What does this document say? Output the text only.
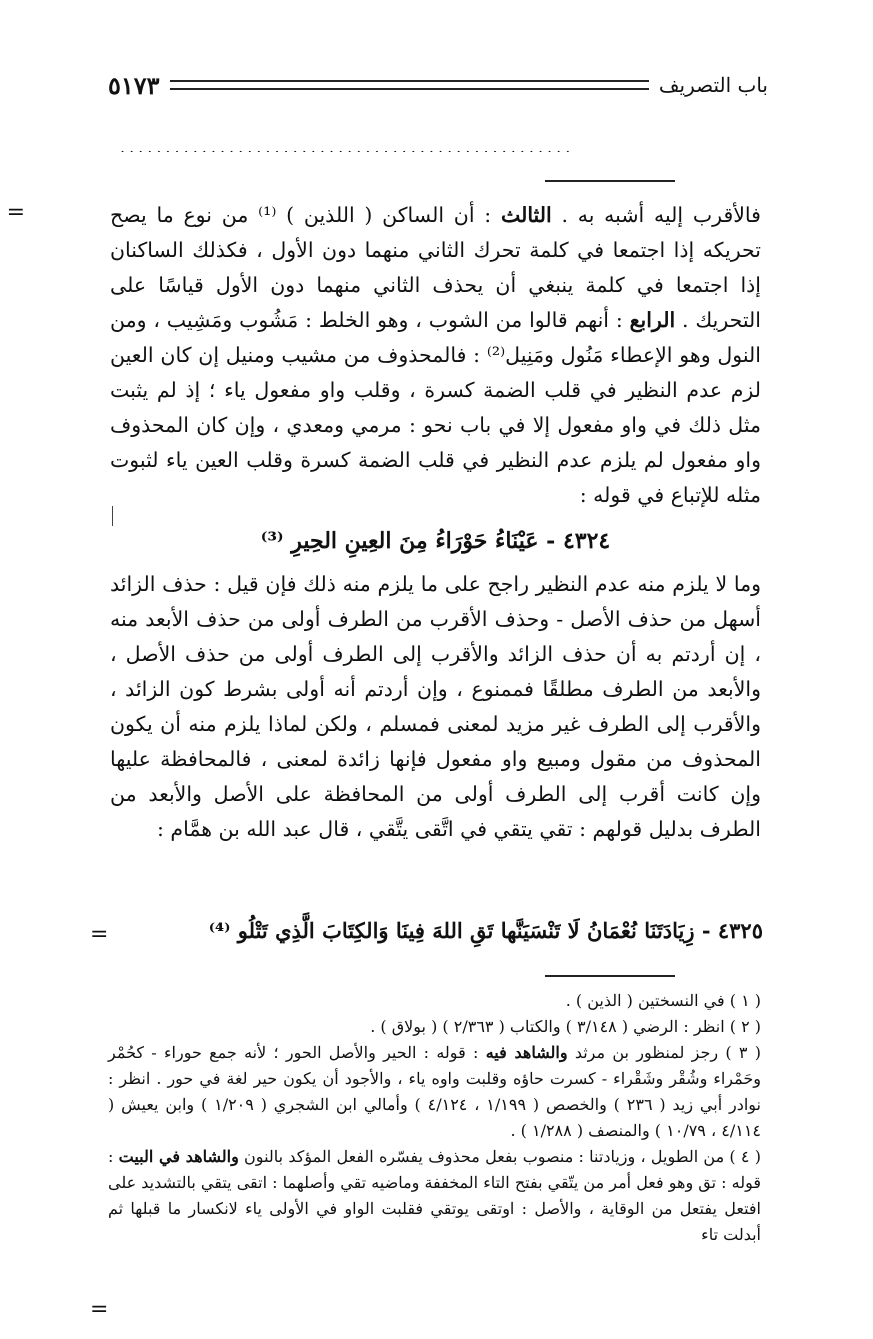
باب التصريف
٥١٧٣
..................................................
=	فالأقرب إليه أشبه به . الثالث : أن الساكن ( اللذين ) ⁽¹⁾ من نوع ما يصح تحريكه إذا اجتمعا في كلمة تحرك الثاني منهما دون الأول ، فكذلك الساكنان إذا اجتمعا في كلمة ينبغي أن يحذف الثاني منهما دون الأول قياسًا على التحريك . الرابع : أنهم قالوا من الشوب ، وهو الخلط : مَشُوب ومَشِيب ، ومن النول وهو الإعطاء مَنُول ومَنِيل⁽²⁾ : فالمحذوف من مشيب ومنيل إن كان العين لزم عدم النظير في قلب الضمة كسرة ، وقلب واو مفعول ياء ؛ إذ لم يثبت مثل ذلك في واو مفعول إلا في باب نحو : مرمي ومعدي ، وإن كان المحذوف واو مفعول لم يلزم عدم النظير في قلب الضمة كسرة وقلب العين ياء لثبوت مثله للإتباع في قوله :

٤٣٢٤ - عَيْنَاءُ حَوْرَاءُ مِنَ العِينِ الحِيرِ ⁽³⁾

وما لا يلزم منه عدم النظير راجح على ما يلزم منه ذلك فإن قيل : حذف الزائد أسهل من حذف الأصل - وحذف الأقرب من الطرف أولى من حذف الأبعد منه ، إن أردتم به أن حذف الزائد والأقرب إلى الطرف أولى من حذف الأصل ، والأبعد من الطرف مطلقًا فممنوع ، وإن أردتم أنه أولى بشرط كون الزائد ، والأقرب إلى الطرف غير مزيد لمعنى فمسلم ، ولكن لماذا يلزم منه أن يكون المحذوف من مقول ومبيع واو مفعول فإنها زائدة لمعنى ، فالمحافظة عليها وإن كانت أقرب إلى الطرف أولى من المحافظة على الأصل والأبعد من الطرف بدليل قولهم : تقي يتقي في اتَّقى يتَّقي ، قال عبد الله بن همَّام :

٤٣٢٥ - زِيَادَتَنَا نُعْمَانُ لَا تَنْسَيَنَّها تَقِ اللهَ فِينَا وَالكِتَابَ الَّذِي تَتْلُو ⁽⁴⁾
=

( ١ ) في النسختين ( الذين ) .

( ٢ ) انظر : الرضي ( ٣/١٤٨ ) والكتاب ( ٢/٣٦٣ ) ( بولاق ) .

( ٣ ) رجز لمنظور بن مرثد والشاهد فيه : قوله : الحير والأصل الحور ؛ لأنه جمع حوراء - كحُمْر وحَمْراء وشُقْر وشَقْراء - كسرت حاؤه وقلبت واوه ياء ، والأجود أن يكون حير لغة في حور . انظر : نوادر أبي زيد ( ٢٣٦ ) والخصص ( ١/١٩٩ ، ٤/١٢٤ ) وأمالي ابن الشجري ( ١/٢٠٩ ) وابن يعيش ( ٤/١١٤ ، ١٠/٧٩ ) والمنصف ( ١/٢٨٨ ) .

( ٤ ) من الطويل ، وزيادتنا : منصوب بفعل محذوف يفسّره الفعل المؤكد بالنون والشاهد في البيت : قوله : تق وهو فعل أمر من يتّقي بفتح التاء المخففة وماضيه تقي وأصلهما : اتقى يتقي بالتشديد على افتعل يفتعل من الوقاية ، والأصل : اوتقى يوتقي فقلبت الواو في الأولى ياء لانكسار ما قبلها ثم أبدلت تاء

=
